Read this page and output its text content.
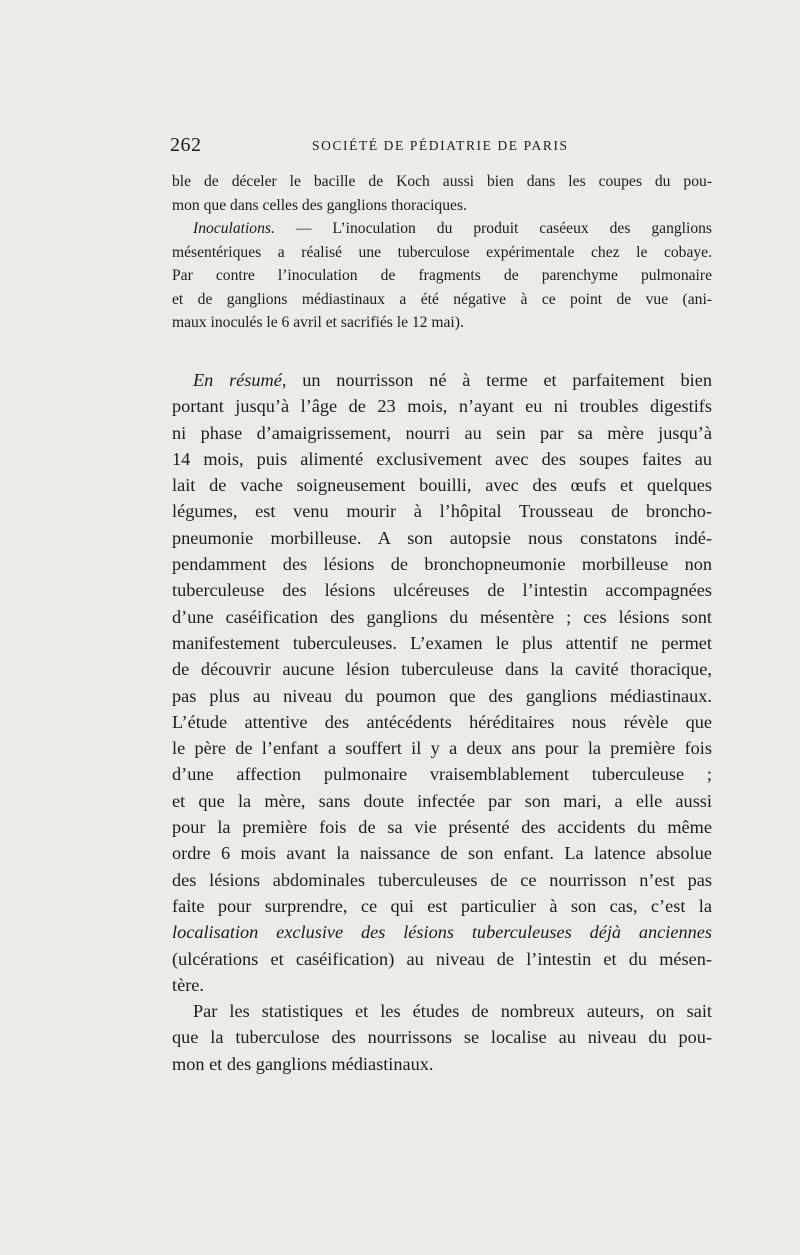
262	SOCIÉTÉ DE PÉDIATRIE DE PARIS
ble de déceler le bacille de Koch aussi bien dans les coupes du pou-
mon que dans celles des ganglions thoraciques.
Inoculations. — L’inoculation du produit caséeux des ganglions
mésentériques a réalisé une tuberculose expérimentale chez le cobaye.
Par contre l’inoculation de fragments de parenchyme pulmonaire
et de ganglions médiastinaux a été négative à ce point de vue (ani-
maux inoculés le 6 avril et sacrifiés le 12 mai).
En résumé, un nourrisson né à terme et parfaitement bien
portant jusqu’à l’âge de 23 mois, n’ayant eu ni troubles digestifs
ni phase d’amaigrissement, nourri au sein par sa mère jusqu’à
14 mois, puis alimenté exclusivement avec des soupes faites au
lait de vache soigneusement bouilli, avec des œufs et quelques
légumes, est venu mourir à l’hôpital Trousseau de broncho-
pneumonie morbilleuse. A son autopsie nous constatons indé-
pendamment des lésions de bronchopneumonie morbilleuse non
tuberculeuse des lésions ulcéreuses de l’intestin accompagnées
d’une caséification des ganglions du mésentère ; ces lésions sont
manifestement tuberculeuses. L’examen le plus attentif ne permet
de découvrir aucune lésion tuberculeuse dans la cavité thoracique,
pas plus au niveau du poumon que des ganglions médiastinaux.
L’étude attentive des antécédents héréditaires nous révèle que
le père de l’enfant a souffert il y a deux ans pour la première fois
d’une affection pulmonaire vraisemblablement tuberculeuse ;
et que la mère, sans doute infectée par son mari, a elle aussi
pour la première fois de sa vie présenté des accidents du même
ordre 6 mois avant la naissance de son enfant. La latence absolue
des lésions abdominales tuberculeuses de ce nourrisson n’est pas
faite pour surprendre, ce qui est particulier à son cas, c’est la
localisation exclusive des lésions tuberculeuses déjà anciennes
(ulcérations et caséification) au niveau de l’intestin et du mésen-
tère.
Par les statistiques et les études de nombreux auteurs, on sait
que la tuberculose des nourrissons se localise au niveau du pou-
mon et des ganglions médiastinaux.
